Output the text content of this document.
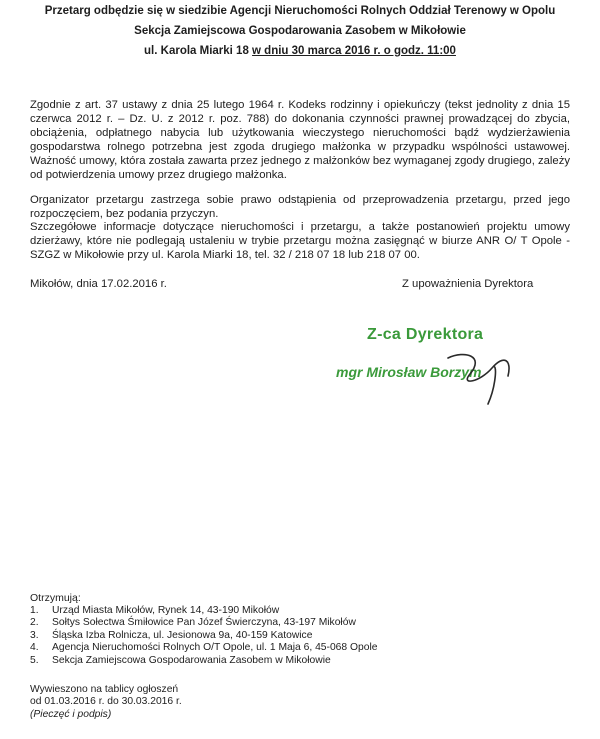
Przetarg odbędzie się w siedzibie Agencji Nieruchomości Rolnych Oddział Terenowy w Opolu
Sekcja Zamiejscowa Gospodarowania Zasobem w Mikołowie
ul. Karola Miarki 18 w dniu 30 marca 2016 r. o godz. 11:00
Zgodnie z art. 37 ustawy z dnia 25 lutego 1964 r. Kodeks rodzinny i opiekuńczy (tekst jednolity z dnia 15 czerwca 2012 r. – Dz. U. z 2012 r. poz. 788) do dokonania czynności prawnej prowadzącej do zbycia, obciążenia, odpłatnego nabycia lub użytkowania wieczystego nieruchomości bądź wydzierżawienia gospodarstwa rolnego potrzebna jest zgoda drugiego małżonka w przypadku wspólności ustawowej. Ważność umowy, która została zawarta przez jednego z małżonków bez wymaganej zgody drugiego, zależy od potwierdzenia umowy przez drugiego małżonka.
Organizator przetargu zastrzega sobie prawo odstąpienia od przeprowadzenia przetargu, przed jego rozpoczęciem, bez podania przyczyn.
Szczegółowe informacje dotyczące nieruchomości i przetargu, a także postanowień projektu umowy dzierżawy, które nie podlegają ustaleniu w trybie przetargu można zasięgnąć w biurze ANR O/ T Opole - SZGZ w Mikołowie przy ul. Karola Miarki 18, tel. 32 / 218 07 18 lub 218 07 00.
Mikołów, dnia 17.02.2016 r.	Z upoważnienia Dyrektora
Z-ca Dyrektora
mgr Mirosław Borzym
Otrzymują:
1.	Urząd Miasta Mikołów, Rynek 14, 43-190 Mikołów
2.	Sołtys Sołectwa Śmiłowice Pan Józef Świerczyna, 43-197 Mikołów
3.	Śląska Izba Rolnicza, ul. Jesionowa 9a, 40-159 Katowice
4.	Agencja Nieruchomości Rolnych O/T Opole, ul. 1 Maja 6, 45-068 Opole
5.	Sekcja Zamiejscowa Gospodarowania Zasobem w Mikołowie
Wywieszono na tablicy ogłoszeń
od 01.03.2016 r. do 30.03.2016 r.
(Pieczęć i podpis)
